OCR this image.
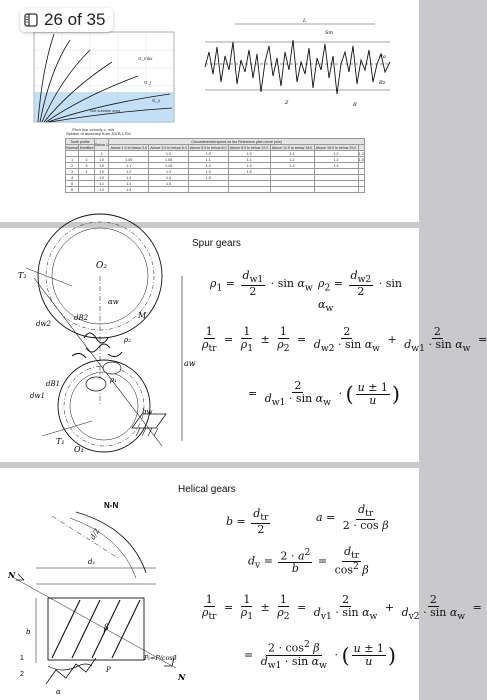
26 of 35
G_max
G_r
G_x
Not suitable area
Pitch line velocity v, m/s
L
Sm
Z
Ra
Rz
R
System of accuracy from JIS B 1702
Tooth profile		Below 1	Circumferential speed on the Reference pitch circle (m/s)						
Normal	Modified		Above 1.0 to below 3.0	Above 3.0 to below 5.0	Above 5.0 to below 8.0	Above 8.0 to below 12.0	Above 12.0 to below 18.0	Above 18.0 to below 25.0	
		1		1.0	1.0	1.0	1.1	1.2	1.3
1	2	1.0	1.05	1.05	1.1	1.1	1.2	1.2	1.5
2	3	1.0	1.1	1.15	1.2	1.3	1.3	1.5	
3	4	1.0	1.2	1.3	1.3	1.5			
4		1.0	1.3	1.4	1.5				
5		1.1	1.4	1.5					
6		1.2	1.5						
Spur gears
O₂
T₂
M
αw
dw2
dB2
ρ₁
ρ₂
dw1
dB1
aw
bw
T₁
O₁
$\rho_1 = \frac{d_{w1}}{2} \cdot \sin \alpha_w$ $\rho_2 = \frac{d_{w2}}{2} \cdot \sin \alpha_w$
$\frac{1}{\rho_{tr}} = \frac{1}{\rho_1} \pm \frac{1}{\rho_2} = \frac{2}{d_{w2} \cdot \sin \alpha_w} + \frac{2}{d_{w1} \cdot \sin \alpha_w}$ =
= $\frac{2}{d_{w1} \cdot \sin \alpha_w}$ · ( $\frac{u \pm 1}{u}$ )
Helical gears
N-N
d/2
d₁
N
b	β
Pₜ=P/cosβ
P
N
1
2
α
$b = \frac{d_{tr}}{2}$	$a = \frac{d_{tr}}{\text{2 · cos β}}$
$d_v = \frac{2 \cdot a^2}{b} = \frac{d_{tr}}{\cos^2 \beta}$
$\frac{1}{\rho_{tr}} = \frac{1}{\rho_1} \pm \frac{1}{\rho_2} = \frac{2}{d_{v1} \cdot \sin \alpha_w} + \frac{2}{d_{v2} \cdot \sin \alpha_w}$ =
= $\frac{2 \cdot \cos^2 \beta}{d_{w1} \cdot \sin \alpha_w}$ · ( $\frac{u \pm 1}{u}$ )
